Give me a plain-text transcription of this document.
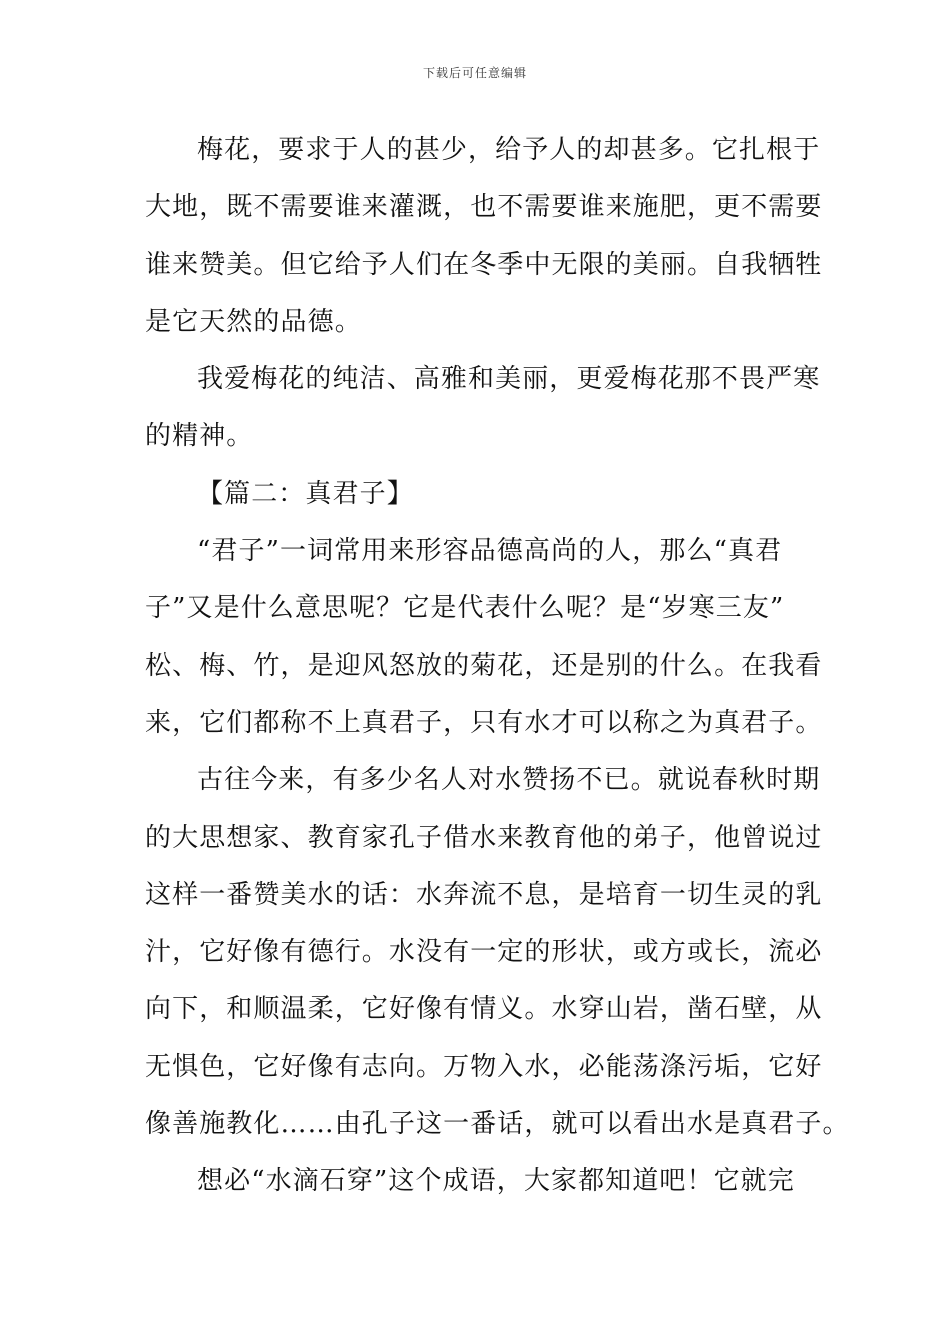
下载后可任意编辑
梅花，要求于人的甚少，给予人的却甚多。它扎根于
大地，既不需要谁来灌溉，也不需要谁来施肥，更不需要
谁来赞美。但它给予人们在冬季中无限的美丽。自我牺牲
是它天然的品德。
我爱梅花的纯洁、高雅和美丽，更爱梅花那不畏严寒
的精神。
【篇二：真君子】
“君子”一词常用来形容品德高尚的人，那么“真君
子”又是什么意思呢？它是代表什么呢？是“岁寒三友”
松、梅、竹，是迎风怒放的菊花，还是别的什么。在我看
来，它们都称不上真君子，只有水才可以称之为真君子。
古往今来，有多少名人对水赞扬不已。就说春秋时期
的大思想家、教育家孔子借水来教育他的弟子，他曾说过
这样一番赞美水的话：水奔流不息，是培育一切生灵的乳
汁，它好像有德行。水没有一定的形状，或方或长，流必
向下，和顺温柔，它好像有情义。水穿山岩，凿石壁，从
无惧色，它好像有志向。万物入水，必能荡涤污垢，它好
像善施教化……由孔子这一番话，就可以看出水是真君子。
想必“水滴石穿”这个成语，大家都知道吧！它就完
